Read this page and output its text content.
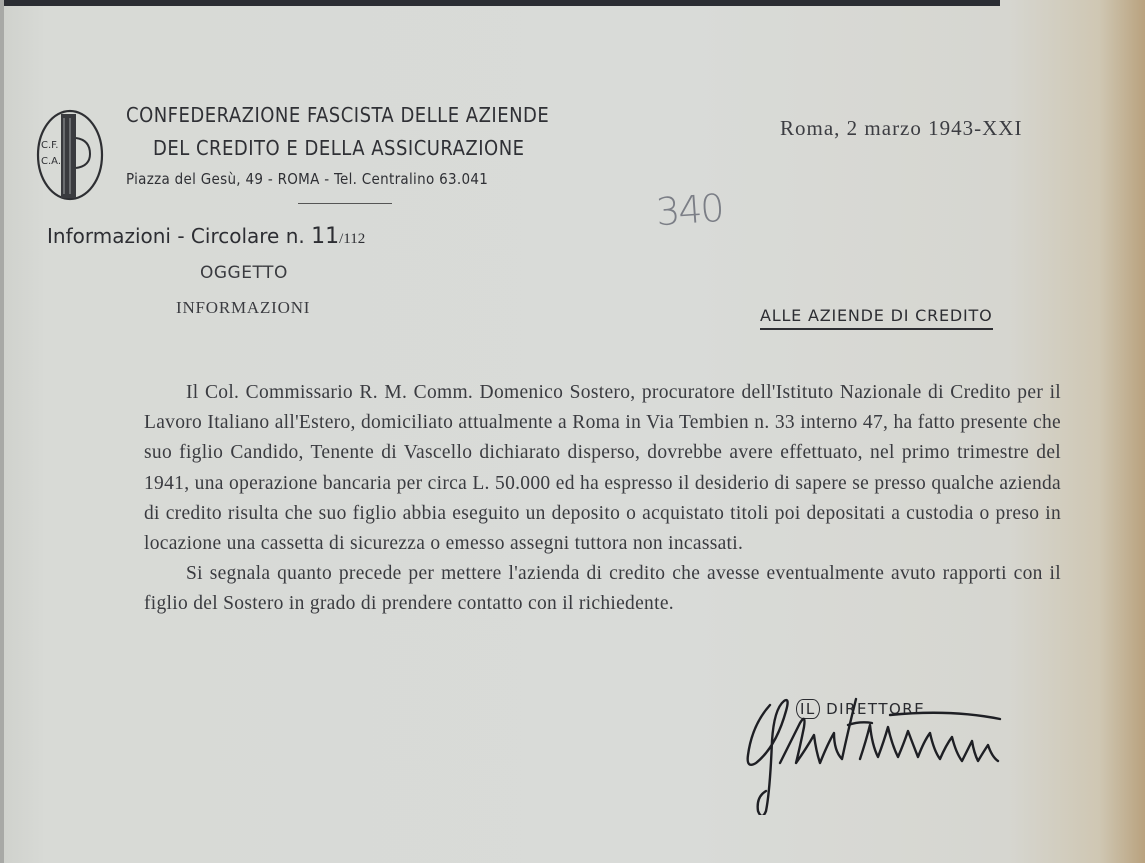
C.F.
C.A.
CONFEDERAZIONE FASCISTA DELLE AZIENDE
DEL CREDITO E DELLA ASSICURAZIONE
Piazza del Gesù, 49 - ROMA - Tel. Centralino 63.041
Roma, 2 marzo 1943-XXI
340
Informazioni - Circolare n. 11/112
OGGETTO
INFORMAZIONI	ALLE AZIENDE DI CREDITO

Il Col. Commissario R. M. Comm. Domenico Sostero, procuratore dell'Istituto Nazionale di Credito per il Lavoro Italiano all'Estero, domiciliato attualmente a Roma in Via Tembien n. 33 interno 47, ha fatto presente che suo figlio Candido, Tenente di Vascello dichiarato disperso, dovrebbe avere effettuato, nel primo trimestre del 1941, una operazione bancaria per circa L. 50.000 ed ha espresso il desiderio di sapere se presso qualche azienda di credito risulta che suo figlio abbia eseguito un deposito o acquistato titoli poi depositati a custodia o preso in locazione una cassetta di sicurezza o emesso assegni tuttora non incassati.

Si segnala quanto precede per mettere l'azienda di credito che avesse eventualmente avuto rapporti con il figlio del Sostero in grado di prendere contatto con il richiedente.

IL DIRETTORE
